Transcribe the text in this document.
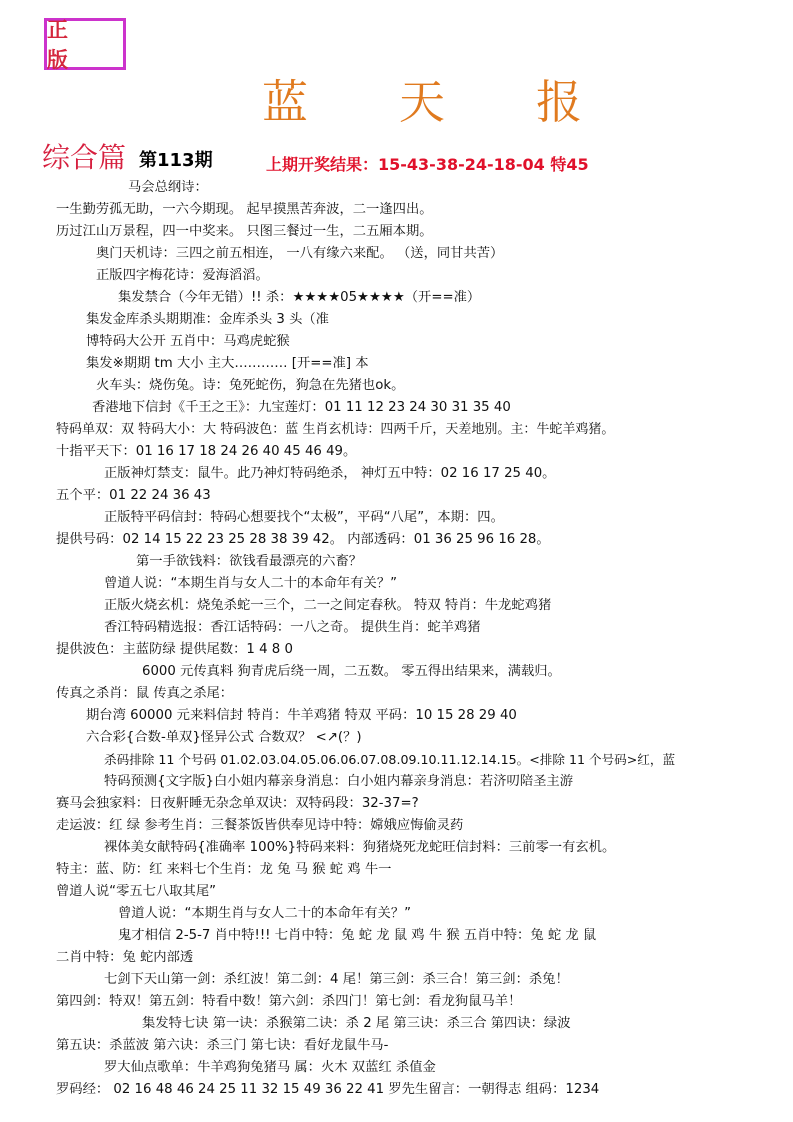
正 版
蓝 天 报
综合篇 第113期	上期开奖结果：15-43-38-24-18-04 特45
马会总纲诗：
一生勤劳孤无助，一六今期现。 起早摸黑苦奔波，二一逢四出。
历过江山万景程，四一中奖来。 只图三餐过一生，二五厢本期。
奥门天机诗：三四之前五相连， 一八有缘六来配。 （送，同甘共苦）
正版四字梅花诗：爱海滔滔。
集发禁合（今年无错）!! 杀：★★★★05★★★★（开==准）
集发金库杀头期期准：金库杀头 3 头（准
博特码大公开 五肖中：马鸡虎蛇猴
集发※期期 tm 大小 主大………… [开==准] 本
火车头：烧伤兔。诗：兔死蛇伤，狗急在先猪也ok。
香港地下信封《千王之王》：九宝莲灯：01 11 12 23 24 30 31 35 40
特码单双：双 特码大小：大 特码波色：蓝 生肖玄机诗：四两千斤，天差地别。主：牛蛇羊鸡猪。
十指平天下：01 16 17 18 24 26 40 45 46 49。
正版神灯禁支：鼠牛。此乃神灯特码绝杀， 神灯五中特：02 16 17 25 40。
五个平：01 22 24 36 43
正版特平码信封：特码心想要找个“太极”，平码“八尾”，本期：四。
提供号码：02 14 15 22 23 25 28 38 39 42。 内部透码：01 36 25 96 16 28。
第一手欲钱料：欲钱看最漂亮的六畜？
曾道人说：“本期生肖与女人二十的本命年有关？”
正版火烧玄机：烧兔杀蛇一三个，二一之间定春秋。 特双 特肖：牛龙蛇鸡猪
香江特码精选报：香江话特码：一八之奇。 提供生肖：蛇羊鸡猪
提供波色：主蓝防绿 提供尾数：1 4 8 0
6000 元传真料 狗青虎后绕一周，二五数。 零五得出结果来，满载归。
传真之杀肖：鼠 传真之杀尾：
期台湾 60000 元来料信封 特肖：牛羊鸡猪 特双 平码：10 15 28 29 40
六合彩{合数-单双}怪异公式 合数双？ <↗(？)
杀码排除 11 个号码 01.02.03.04.05.06.06.07.08.09.10.11.12.14.15。<排除 11 个号码>红，蓝
特码预测{文字版}白小姐内幕亲身消息：白小姐内幕亲身消息：若济叨陪圣主游
赛马会独家料：日夜鼾睡无杂念单双诀：双特码段：32-37=?
走运波：红 绿 参考生肖：三餐茶饭皆供奉见诗中特：嫦娥应悔偷灵药
裸体美女献特码{准确率 100%}特码来料：狗猪烧死龙蛇旺信封料：三前零一有玄机。
特主：蓝、防：红 来料七个生肖：龙 兔 马 猴 蛇 鸡 牛一
曾道人说“零五七八取其尾”
曾道人说：“本期生肖与女人二十的本命年有关？”
鬼才相信 2-5-7 肖中特!!! 七肖中特：兔 蛇 龙 鼠 鸡 牛 猴 五肖中特：兔 蛇 龙 鼠
二肖中特：兔 蛇内部透
七剑下天山第一剑：杀红波！第二剑：4 尾！第三剑：杀三合！第三剑：杀兔！
第四剑：特双！第五剑：特看中数！第六剑：杀四门！第七剑：看龙狗鼠马羊！
集发特七诀 第一诀：杀猴第二诀：杀 2 尾 第三诀：杀三合 第四诀：绿波
第五诀：杀蓝波 第六诀：杀三门 第七诀：看好龙鼠牛马-
罗大仙点歌单：牛羊鸡狗兔猪马 属：火木 双蓝红 杀值金
罗码经： 02 16 48 46 24 25 11 32 15 49 36 22 41 罗先生留言：一朝得志 组码：1234
